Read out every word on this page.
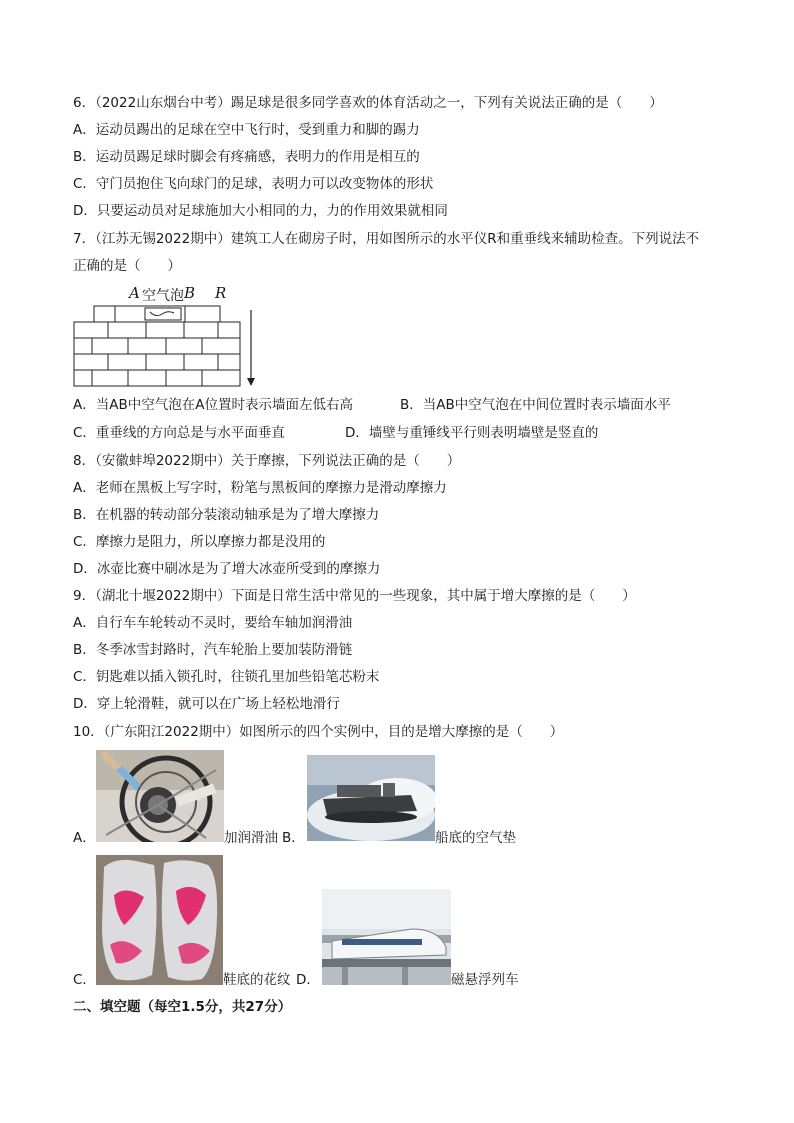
6．（2022山东烟台中考）踢足球是很多同学喜欢的体育活动之一，下列有关说法正确的是（　　）
A．运动员踢出的足球在空中飞行时，受到重力和脚的踢力
B．运动员踢足球时脚会有疼痛感，表明力的作用是相互的
C．守门员抱住飞向球门的足球，表明力可以改变物体的形状
D．只要运动员对足球施加大小相同的力，力的作用效果就相同
7．（江苏无锡2022期中）建筑工人在砌房子时，用如图所示的水平仪R和重垂线来辅助检查。下列说法不
正确的是（　　）
A 空气泡 B R
A．当AB中空气泡在A位置时表示墙面左低右高	B．当AB中空气泡在中间位置时表示墙面水平
C．重垂线的方向总是与水平面垂直	D．墙壁与重锤线平行则表明墙壁是竖直的
8．（安徽蚌埠2022期中）关于摩擦，下列说法正确的是（　　）
A．老师在黑板上写字时，粉笔与黑板间的摩擦力是滑动摩擦力
B．在机器的转动部分装滚动轴承是为了增大摩擦力
C．摩擦力是阻力，所以摩擦力都是没用的
D．冰壶比赛中刷冰是为了增大冰壶所受到的摩擦力
9．（湖北十堰2022期中）下面是日常生活中常见的一些现象，其中属于增大摩擦的是（　　）
A．自行车车轮转动不灵时，要给车轴加润滑油
B．冬季冰雪封路时，汽车轮胎上要加装防滑链
C．钥匙难以插入锁孔时，往锁孔里加些铅笔芯粉末
D．穿上轮滑鞋，就可以在广场上轻松地滑行
10．（广东阳江2022期中）如图所示的四个实例中，目的是增大摩擦的是（　　）
A．	加润滑油 B．	船底的空气垫
C．	鞋底的花纹 D．	磁悬浮列车
二、填空题（每空1.5分，共27分）
